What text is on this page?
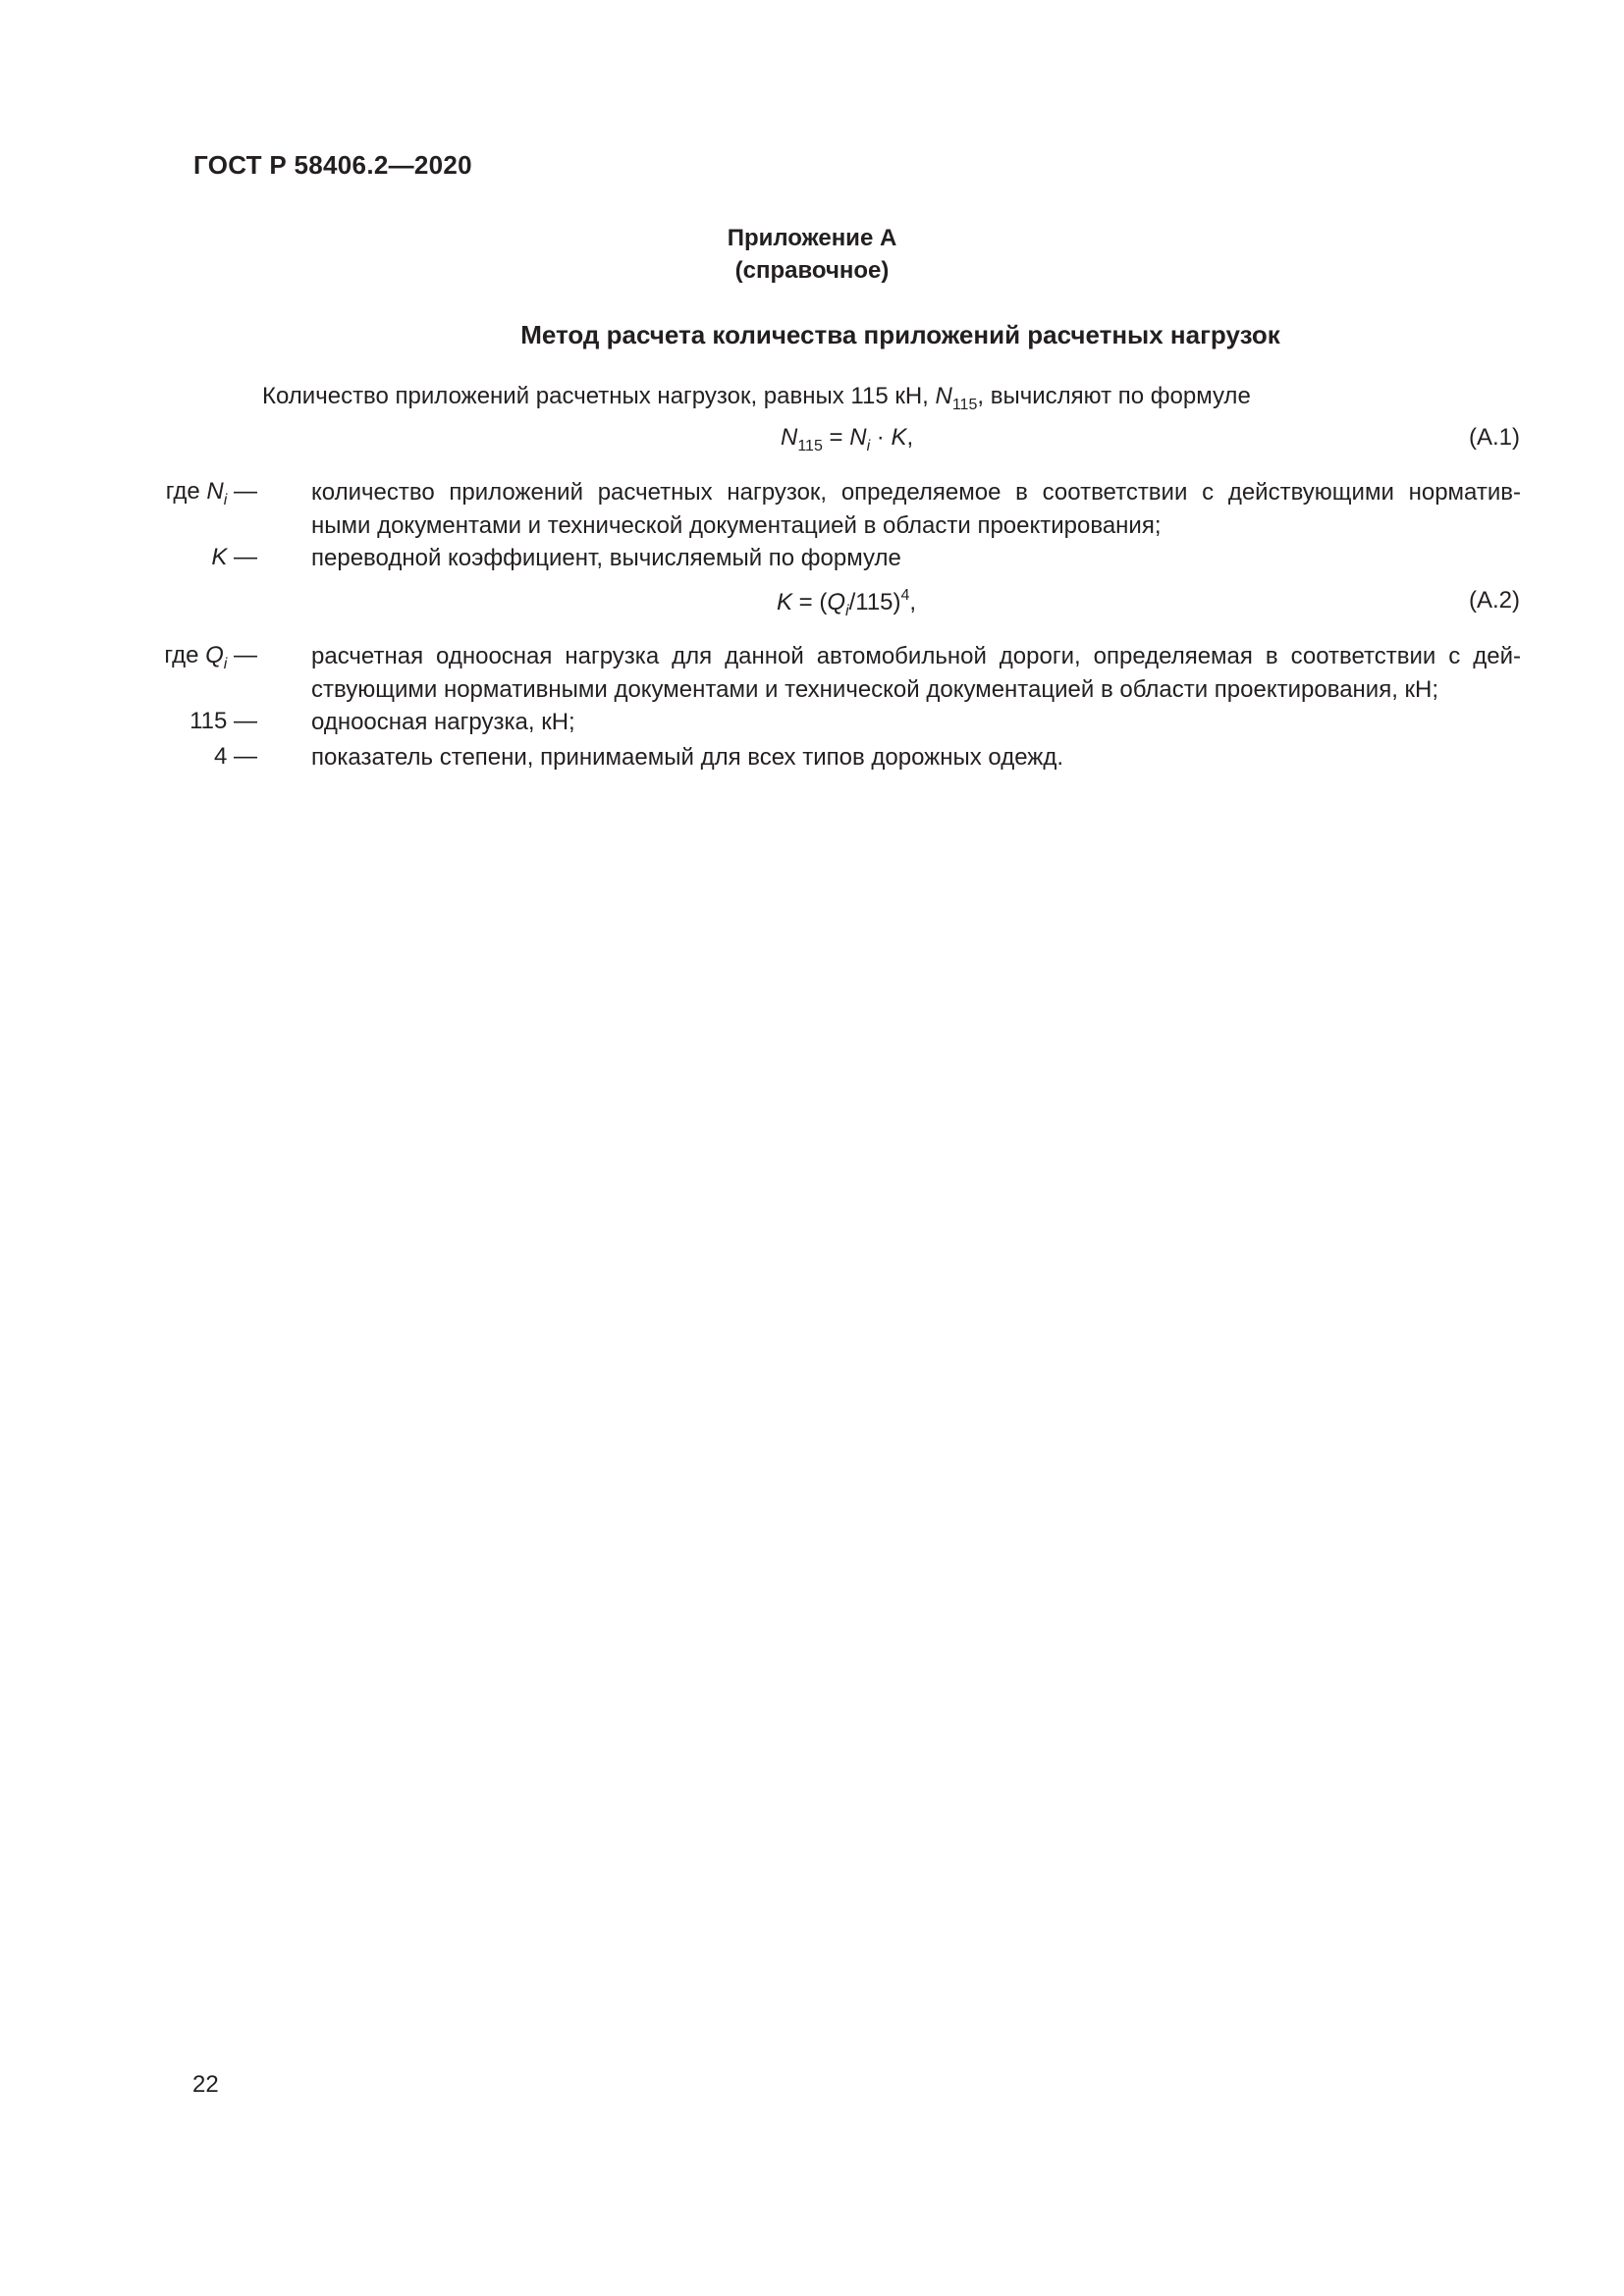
ГОСТ Р 58406.2—2020
Приложение А
(справочное)
Метод расчета количества приложений расчетных нагрузок
Количество приложений расчетных нагрузок, равных 115 кН, $N_{115}$, вычисляют по формуле
$N_{115} = N_i \cdot K$,	(А.1)
где $N_i$ — количество приложений расчетных нагрузок, определяемое в соответствии с действующими норматив-
ными документами и технической документацией в области проектирования;
K — переводной коэффициент, вычисляемый по формуле
$K = (Q_i/115)^4$,	(А.2)
где $Q_i$ — расчетная одноосная нагрузка для данной автомобильной дороги, определяемая в соответствии с дей-
ствующими нормативными документами и технической документацией в области проектирования, кН;
115 — одноосная нагрузка, кН;
4 — показатель степени, принимаемый для всех типов дорожных одежд.
22
